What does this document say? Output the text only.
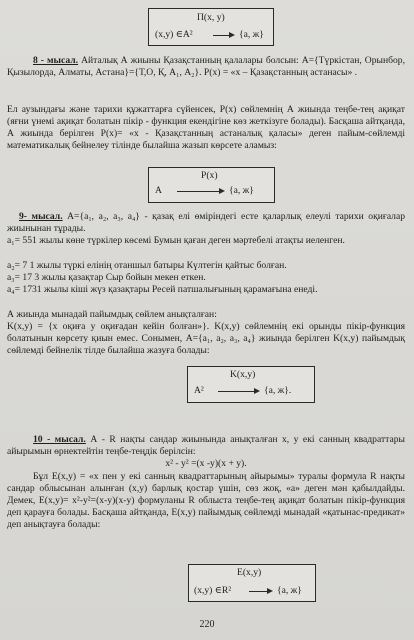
П(x, y)
(x,y) ∈A²	{а, ж}

8 - мысал. Айталық А жиыны Қазақстанның қалалары болсын: А={Түркістан, Орынбор, Қызылорда, Алматы, Астана}={Т,О, Қ, А₁, А₂}. P(x) = «x – Қазақстанның астанасы» .

Ел аузындағы және тарихи құжаттарға сүйенсек, P(x) сөйлемнің А жиында теңбе-тең ақиқат (яғни үнемі ақиқат болатын пікір - функция екендігіне көз жеткізуге болады). Басқаша айтқанда, А жиында берілген P(x)= «x - Қазақстанның астаналық қаласы» деген пайым-сөйлемді математикалық бейнелеу тілінде былайша жазып көрсете аламыз:

P(x)
А	{а, ж}

9- мысал. А={a₁, a₂, a₃, a₄} - қазақ елі өміріндегі есте қаларлық елеулі тарихи оқиғалар жиынынан тұрады.

a₁= 551 жылы көне түркілер көсемі Бумын қаған деген мәртебелі атақты иеленген.

a₂= 7 1 жылы түркі елінің отаншыл батыры Күлтегін қайтыс болған.

a₃= 17 3 жылы қазақтар Сыр бойын мекен еткен.

a₄= 1731 жылы кіші жүз қазақтары Ресей патшалығының қарамағына енеді.

А жиында мынадай пайымдық сөйлем анықталған:

K(x,y) = {x оқиға y оқиғадан кейін болған»}. K(x,y) сөйлемнің екі орынды пікір-функция болатынын көрсету қиын емес. Сонымен, А={a₁, a₂, a₃, a₄} жиында берілген K(x,y) пайымдық сөйлемді бейнелік тілде былайша жазуға болады:

K(x,y)
А²	{а, ж}.

10 - мысал. А - R нақты сандар жиынында анықталған x, y екі санның квадраттары айырымын өрнектейтін теңбе-теңдік берілсін:

x² - y² =(x -y)(x + y).

Бұл E(x,y) = «x пен y екі санның квадраттарының айырымы» туралы формула R нақты сандар облысынан алынған (x,y) барлық қостар үшін, сөз жоқ, «а» деген мән қабылдайды. Демек, E(x,y)= x²-y²=(x-y)(x-y) формуланы R облыста теңбе-тең ақиқат болатын пікір-функция деп қарауға болады. Басқаша айтқанда, E(x,y) пайымдық сөйлемді мынадай «қатынас-предикат» деп анықтауға болады:

E(x,y)
(x,y) ∈R²	{а, ж}
220
